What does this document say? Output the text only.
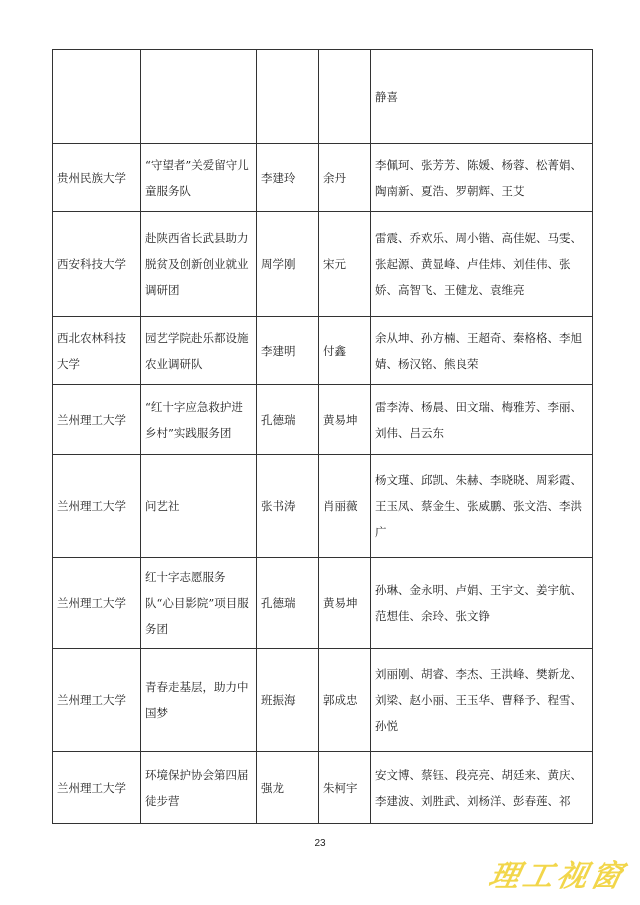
				静喜
贵州民族大学	“守望者”关爱留守儿童服务队	李建玲	余丹	李佩珂、张芳芳、陈媛、杨蓉、松菁娟、陶南新、夏浩、罗朝辉、王艾
西安科技大学	赴陕西省长武县助力脱贫及创新创业就业调研团	周学刚	宋元	雷震、乔欢乐、周小锴、高佳妮、马雯、张起源、黄显峰、卢佳炜、刘佳伟、张娇、高智飞、王健龙、袁维亮
西北农林科技大学	园艺学院赴乐都设施农业调研队	李建明	付鑫	余从坤、孙方楠、王超奇、秦格格、李旭婧、杨汉铭、熊良荣
兰州理工大学	“红十字应急救护进乡村”实践服务团	孔德瑞	黄易坤	雷李涛、杨晨、田文瑞、梅雅芳、李丽、刘伟、吕云东
兰州理工大学	问艺社	张书涛	肖丽薇	杨文瑾、邱凯、朱赫、李晓晓、周彩霞、王玉凤、蔡金生、张威鹏、张文浩、李洪广
兰州理工大学	红十字志愿服务队“心目影院”项目服务团	孔德瑞	黄易坤	孙琳、金永明、卢娟、王宇文、姜宇航、范想佳、余玲、张文铮
兰州理工大学	青春走基层，助力中国梦	班振海	郭成忠	刘丽刚、胡睿、李杰、王洪峰、樊新龙、刘梁、赵小丽、王玉华、曹释予、程雪、孙悦
兰州理工大学	环境保护协会第四届徒步营	强龙	朱柯宇	安文博、蔡钰、段亮亮、胡廷来、黄庆、李建波、刘胜武、刘杨洋、彭春莲、祁
23
理工视窗
